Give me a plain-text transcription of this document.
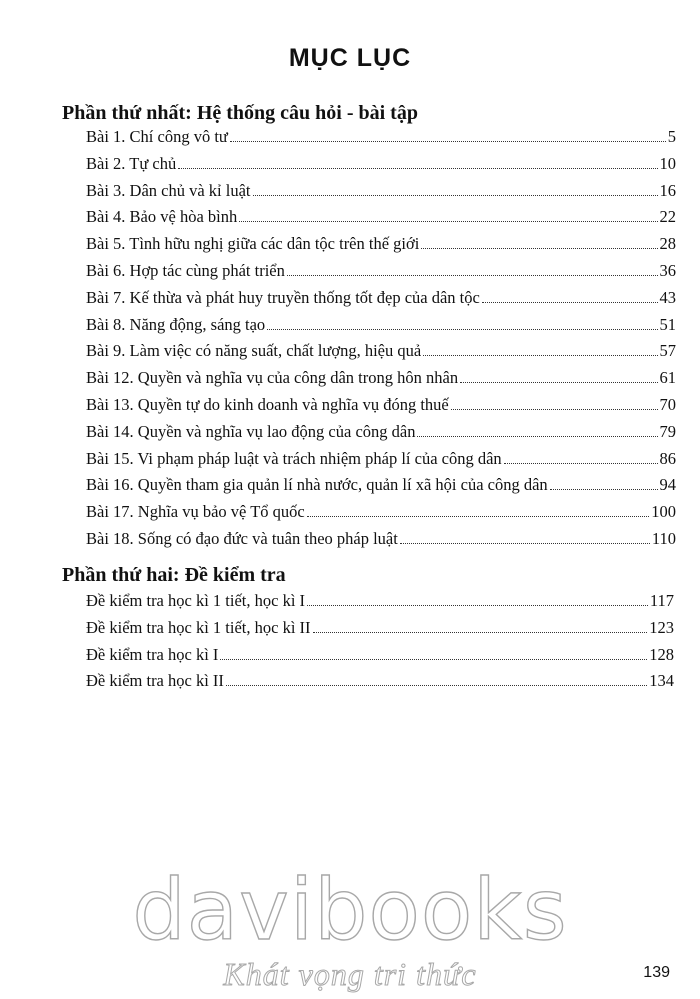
MỤC LỤC
Phần thứ nhất: Hệ thống câu hỏi - bài tập
Bài 1. Chí công vô tư	5
Bài 2. Tự chủ	10
Bài 3. Dân chủ và kỉ luật	16
Bài 4. Bảo vệ hòa bình	22
Bài 5. Tình hữu nghị giữa các dân tộc trên thế giới	28
Bài 6. Hợp tác cùng phát triển	36
Bài 7. Kế thừa và phát huy truyền thống tốt đẹp của dân tộc	43
Bài 8. Năng động, sáng tạo	51
Bài 9. Làm việc có năng suất, chất lượng, hiệu quả	57
Bài 12. Quyền và nghĩa vụ của công dân trong hôn nhân	61
Bài 13. Quyền tự do kinh doanh và nghĩa vụ đóng thuế	70
Bài 14. Quyền và nghĩa vụ lao động của công dân	79
Bài 15. Vi phạm pháp luật và trách nhiệm pháp lí của công dân	86
Bài 16. Quyền tham gia quản lí nhà nước, quản lí xã hội của công dân	94
Bài 17. Nghĩa vụ bảo vệ Tổ quốc	100
Bài 18. Sống có đạo đức và tuân theo pháp luật	110
Phần thứ hai: Đề kiểm tra
Đề kiểm tra học kì 1 tiết, học kì I	117
Đề kiểm tra học kì 1 tiết, học kì II	123
Đề kiểm tra học kì I	128
Đề kiểm tra học kì II	134
davibooks
Khát vọng tri thức	139
